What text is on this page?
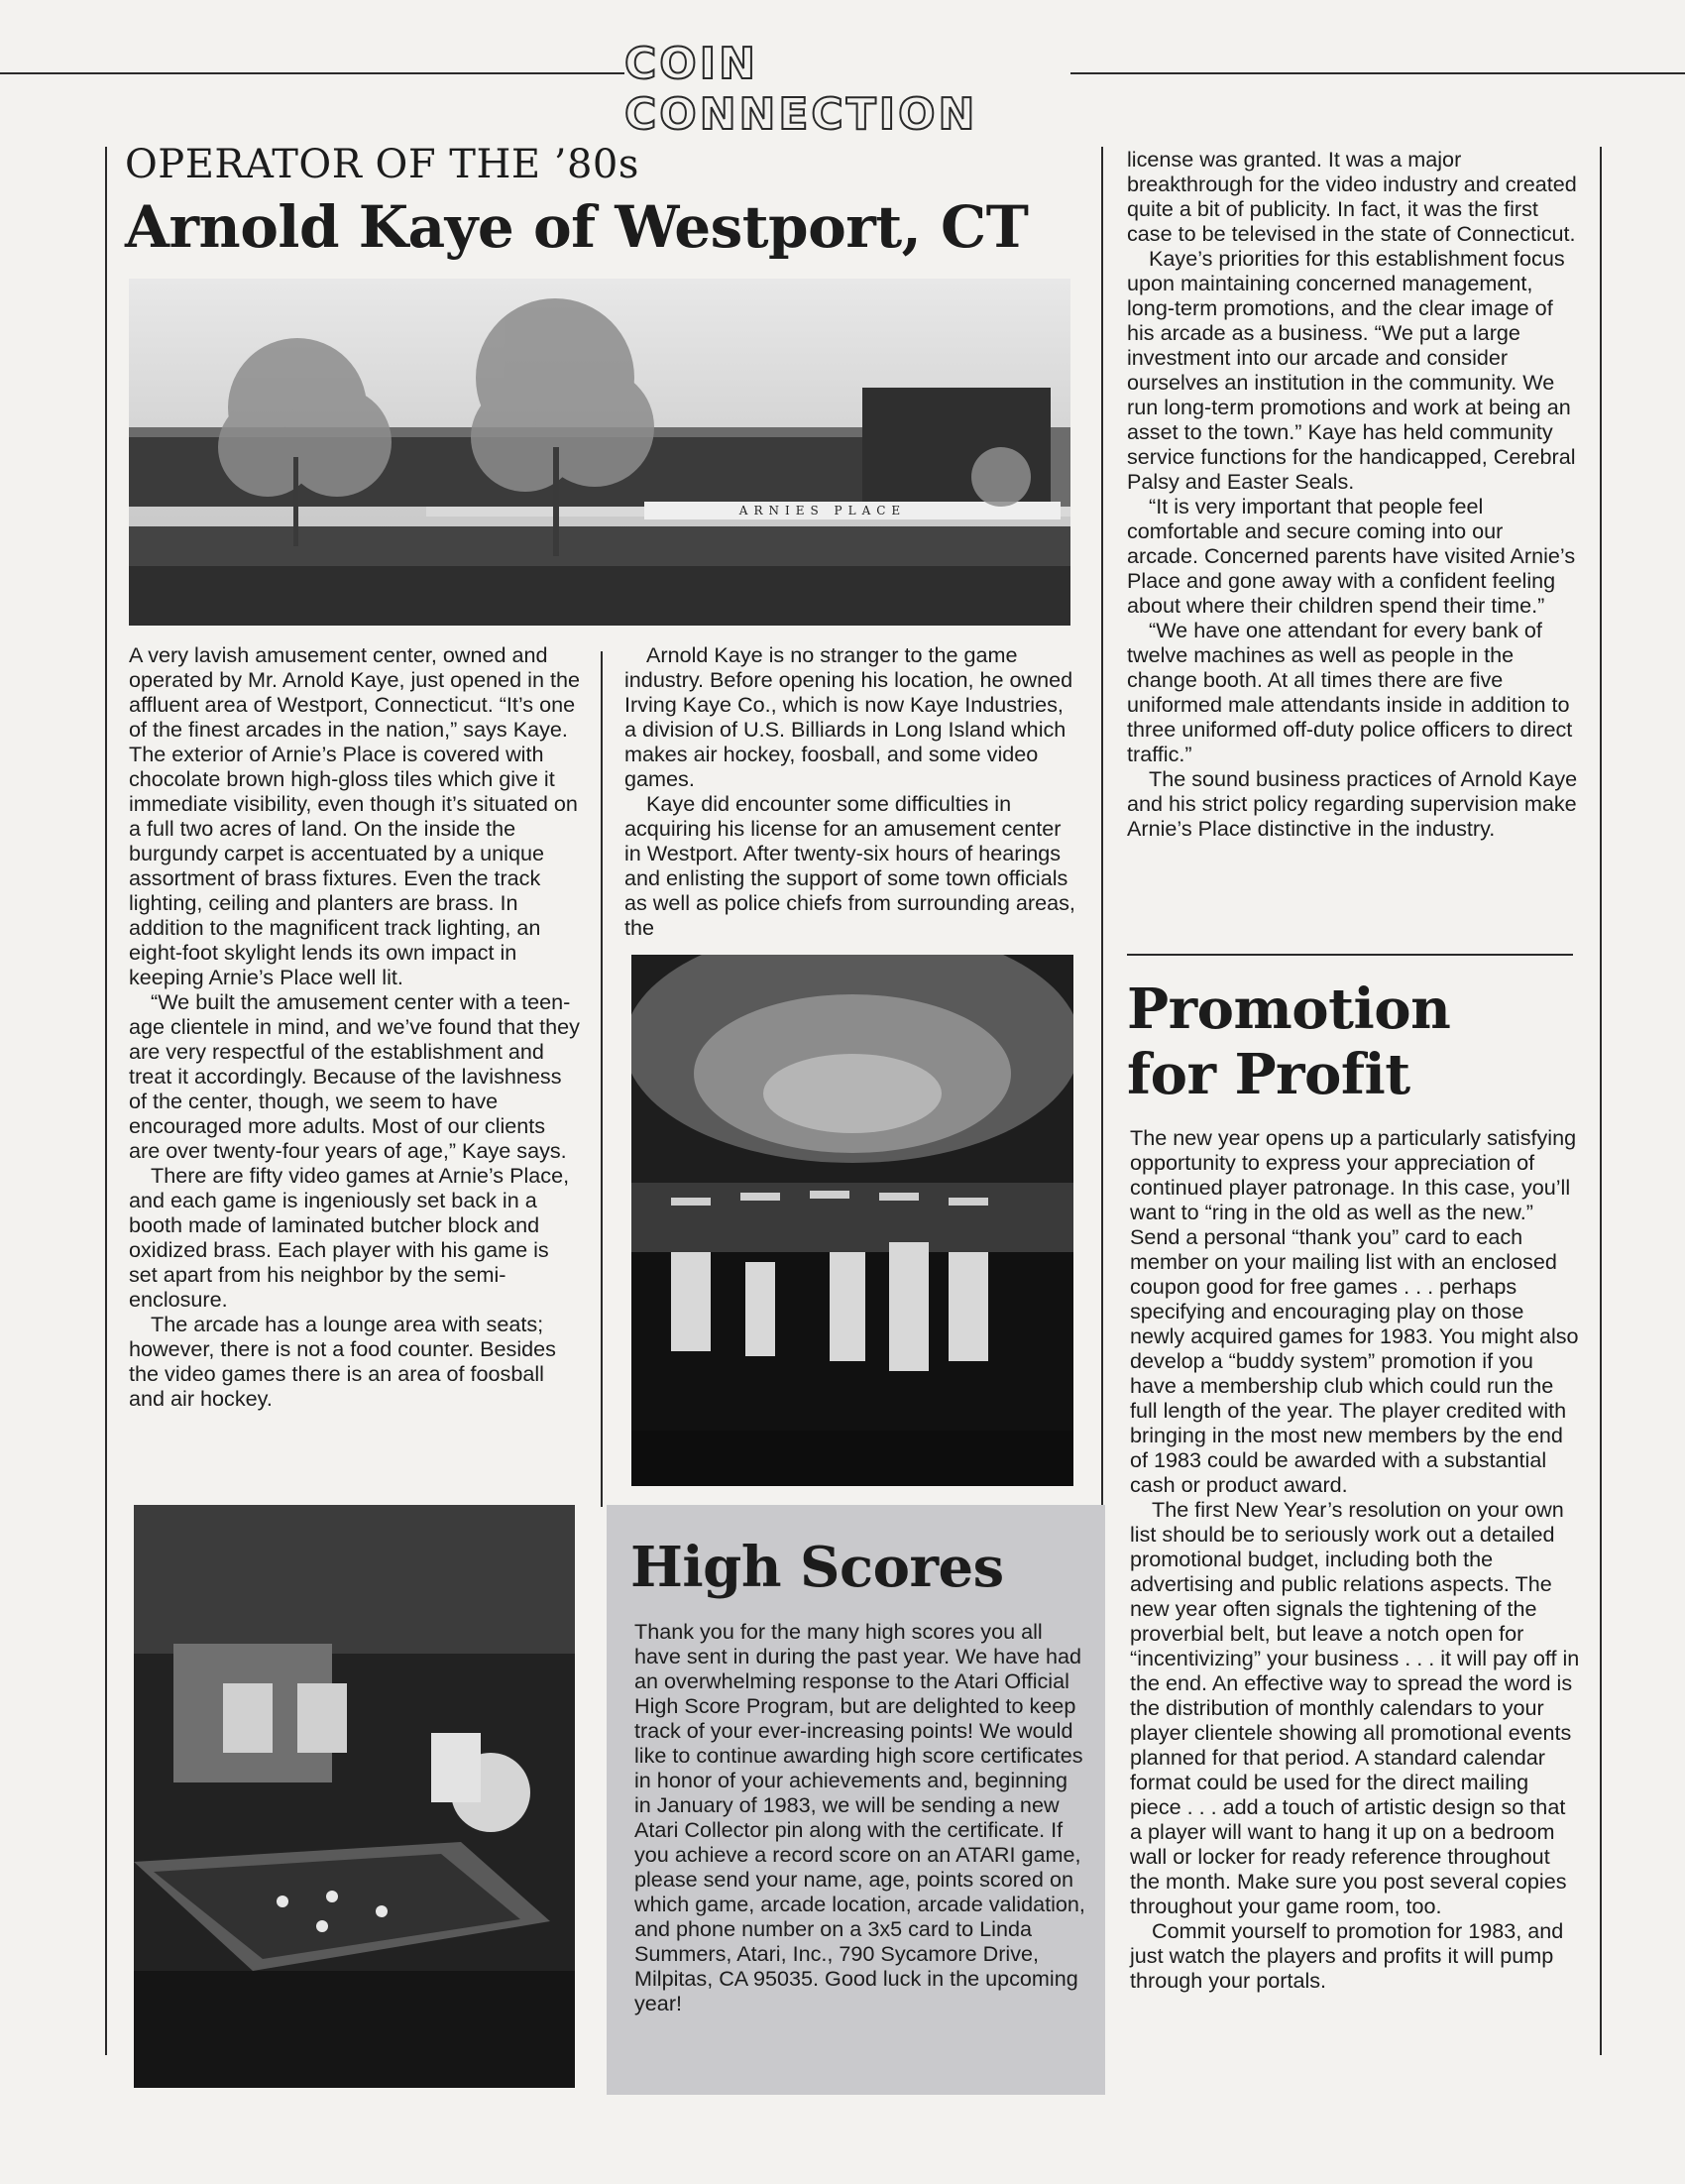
COIN CONNECTION
OPERATOR OF THE ’80s
Arnold Kaye of Westport, CT
ARNIES PLACE

A very lavish amusement center, owned and operated by Mr. Arnold Kaye, just opened in the affluent area of Westport, Connecticut. “It’s one of the finest arcades in the nation,” says Kaye. The exterior of Arnie’s Place is covered with chocolate brown high-gloss tiles which give it immediate visibility, even though it’s situated on a full two acres of land. On the inside the burgundy carpet is accentuated by a unique assortment of brass fixtures. Even the track lighting, ceiling and planters are brass. In addition to the magnificent track lighting, an eight-foot skylight lends its own impact in keeping Arnie’s Place well lit.

“We built the amusement center with a teen-age clientele in mind, and we’ve found that they are very respectful of the establishment and treat it accordingly. Because of the lavishness of the center, though, we seem to have encouraged more adults. Most of our clients are over twenty-four years of age,” Kaye says.

There are fifty video games at Arnie’s Place, and each game is ingeniously set back in a booth made of laminated butcher block and oxidized brass. Each player with his game is set apart from his neighbor by the semi-enclosure.

The arcade has a lounge area with seats; however, there is not a food counter. Besides the video games there is an area of foosball and air hockey.

Arnold Kaye is no stranger to the game industry. Before opening his location, he owned Irving Kaye Co., which is now Kaye Industries, a division of U.S. Billiards in Long Island which makes air hockey, foosball, and some video games.

Kaye did encounter some difficulties in acquiring his license for an amusement center in Westport. After twenty-six hours of hearings and enlisting the support of some town officials as well as police chiefs from surrounding areas, the

High Scores
Thank you for the many high scores you all have sent in during the past year. We have had an overwhelming response to the Atari Official High Score Program, but are delighted to keep track of your ever-increasing points! We would like to continue awarding high score certificates in honor of your achievements and, beginning in January of 1983, we will be sending a new Atari Collector pin along with the certificate. If you achieve a record score on an ATARI game, please send your name, age, points scored on which game, arcade location, arcade validation, and phone number on a 3x5 card to Linda Summers, Atari, Inc., 790 Sycamore Drive, Milpitas, CA 95035. Good luck in the upcoming year!

license was granted. It was a major breakthrough for the video industry and created quite a bit of publicity. In fact, it was the first case to be televised in the state of Connecticut.

Kaye’s priorities for this establishment focus upon maintaining concerned management, long-term promotions, and the clear image of his arcade as a business. “We put a large investment into our arcade and consider ourselves an institution in the community. We run long-term promotions and work at being an asset to the town.” Kaye has held community service functions for the handicapped, Cerebral Palsy and Easter Seals.

“It is very important that people feel comfortable and secure coming into our arcade. Concerned parents have visited Arnie’s Place and gone away with a confident feeling about where their children spend their time.”

“We have one attendant for every bank of twelve machines as well as people in the change booth. At all times there are five uniformed male attendants inside in addition to three uniformed off-duty police officers to direct traffic.”

The sound business practices of Arnold Kaye and his strict policy regarding supervision make Arnie’s Place distinctive in the industry.

Promotion
for Profit

The new year opens up a particularly satisfying opportunity to express your appreciation of continued player patronage. In this case, you’ll want to “ring in the old as well as the new.” Send a personal “thank you” card to each member on your mailing list with an enclosed coupon good for free games . . . perhaps specifying and encouraging play on those newly acquired games for 1983. You might also develop a “buddy system” promotion if you have a membership club which could run the full length of the year. The player credited with bringing in the most new members by the end of 1983 could be awarded with a substantial cash or product award.

The first New Year’s resolution on your own list should be to seriously work out a detailed promotional budget, including both the advertising and public relations aspects. The new year often signals the tightening of the proverbial belt, but leave a notch open for “incentivizing” your business . . . it will pay off in the end. An effective way to spread the word is the distribution of monthly calendars to your player clientele showing all promotional events planned for that period. A standard calendar format could be used for the direct mailing piece . . . add a touch of artistic design so that a player will want to hang it up on a bedroom wall or locker for ready reference throughout the month. Make sure you post several copies throughout your game room, too.

Commit yourself to promotion for 1983, and just watch the players and profits it will pump through your portals.
